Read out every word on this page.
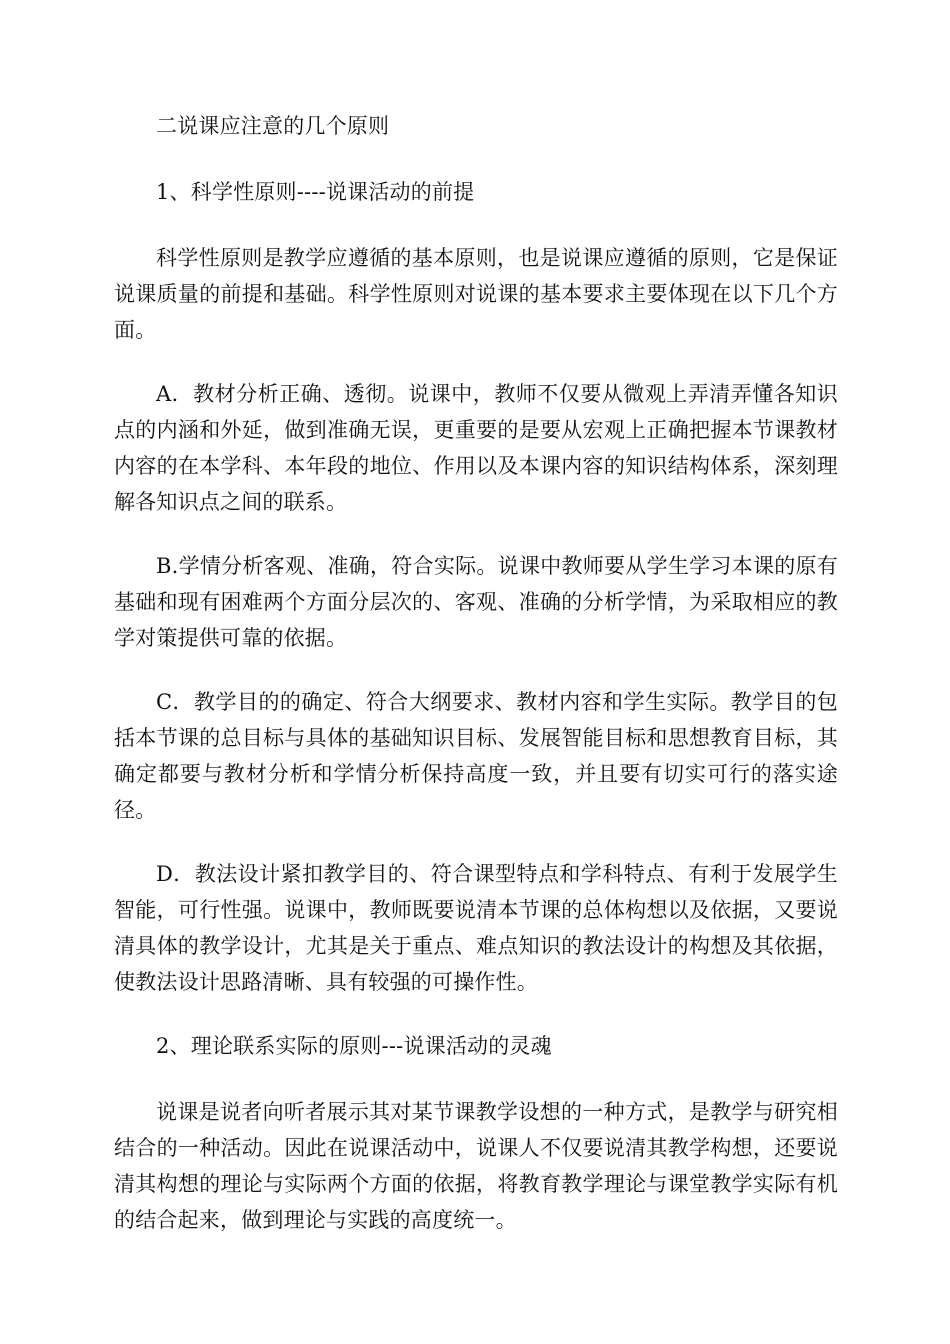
二说课应注意的几个原则

1、科学性原则----说课活动的前提

科学性原则是教学应遵循的基本原则，也是说课应遵循的原则，它是保证说课质量的前提和基础。科学性原则对说课的基本要求主要体现在以下几个方面。

A．教材分析正确、透彻。说课中，教师不仅要从微观上弄清弄懂各知识点的内涵和外延，做到准确无误，更重要的是要从宏观上正确把握本节课教材内容的在本学科、本年段的地位、作用以及本课内容的知识结构体系，深刻理解各知识点之间的联系。

B.学情分析客观、准确，符合实际。说课中教师要从学生学习本课的原有基础和现有困难两个方面分层次的、客观、准确的分析学情，为采取相应的教学对策提供可靠的依据。

C．教学目的的确定、符合大纲要求、教材内容和学生实际。教学目的包括本节课的总目标与具体的基础知识目标、发展智能目标和思想教育目标，其确定都要与教材分析和学情分析保持高度一致，并且要有切实可行的落实途径。

D．教法设计紧扣教学目的、符合课型特点和学科特点、有利于发展学生智能，可行性强。说课中，教师既要说清本节课的总体构想以及依据，又要说清具体的教学设计，尤其是关于重点、难点知识的教法设计的构想及其依据，使教法设计思路清晰、具有较强的可操作性。

2、理论联系实际的原则---说课活动的灵魂

说课是说者向听者展示其对某节课教学设想的一种方式，是教学与研究相结合的一种活动。因此在说课活动中，说课人不仅要说清其教学构想，还要说清其构想的理论与实际两个方面的依据，将教育教学理论与课堂教学实际有机的结合起来，做到理论与实践的高度统一。
